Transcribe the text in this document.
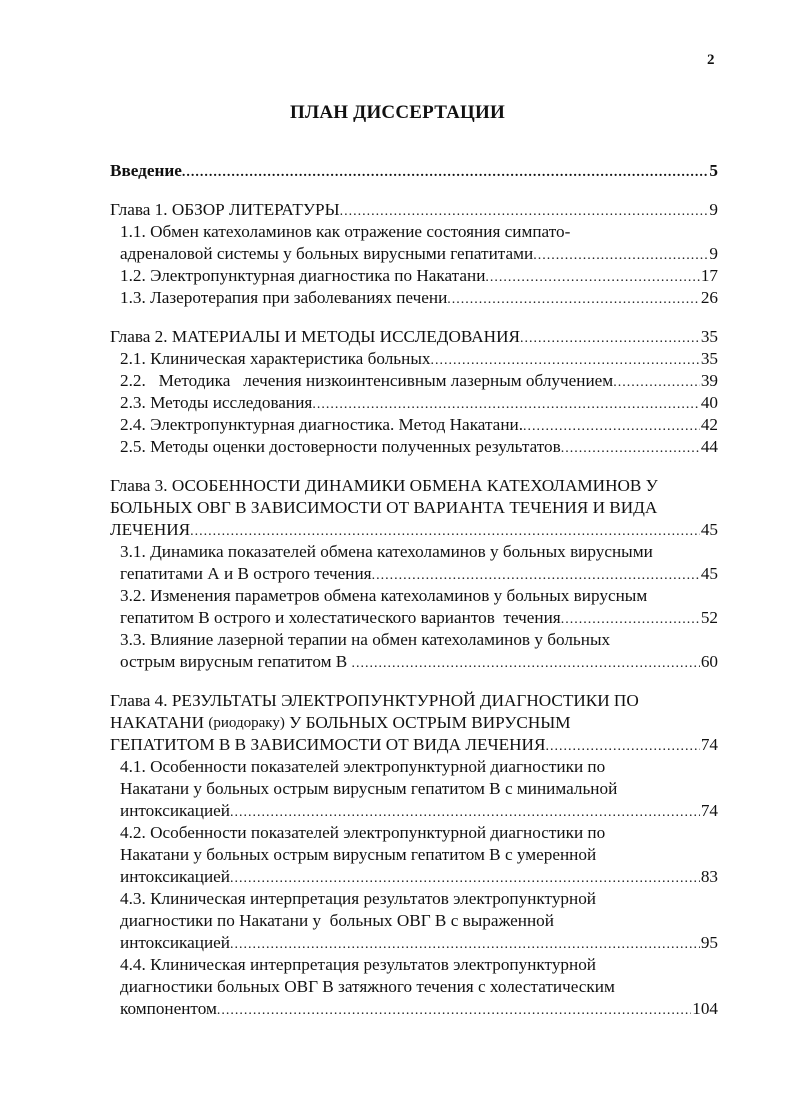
2
ПЛАН ДИССЕРТАЦИИ
Введение .....	5
Глава 1. ОБЗОР ЛИТЕРАТУРЫ .....	9
1.1. Обмен катехоламинов как отражение состояния симпато-
адреналовой системы у больных вирусными гепатитами .....	9
1.2. Электропунктурная диагностика по Накатани .....	17
1.3. Лазеротерапия при заболеваниях печени .....	26
Глава 2. МАТЕРИАЛЫ И МЕТОДЫ ИССЛЕДОВАНИЯ .....	35
2.1. Клиническая характеристика больных .....	35
2.2.   Методика   лечения низкоинтенсивным лазерным облучением .....	39
2.3. Методы исследования .....	40
2.4. Электропунктурная диагностика. Метод Накатани. .....	42
2.5. Методы оценки достоверности полученных результатов .....	44
Глава 3. ОСОБЕННОСТИ ДИНАМИКИ ОБМЕНА КАТЕХОЛАМИНОВ У
БОЛЬНЫХ ОВГ В ЗАВИСИМОСТИ ОТ ВАРИАНТА ТЕЧЕНИЯ И ВИДА
ЛЕЧЕНИЯ .....	45
3.1. Динамика показателей обмена катехоламинов у больных вирусными
гепатитами А и В острого течения .....	45
3.2. Изменения параметров обмена катехоламинов у больных вирусным
гепатитом В острого и холестатического вариантов  течения .....	52
3.3. Влияние лазерной терапии на обмен катехоламинов у больных
острым вирусным гепатитом В .....	60
Глава 4. РЕЗУЛЬТАТЫ ЭЛЕКТРОПУНКТУРНОЙ ДИАГНОСТИКИ ПО
НАКАТАНИ (риодораку) У БОЛЬНЫХ ОСТРЫМ ВИРУСНЫМ
ГЕПАТИТОМ В В ЗАВИСИМОСТИ ОТ ВИДА ЛЕЧЕНИЯ .....	74
4.1. Особенности показателей электропунктурной диагностики по
Накатани у больных острым вирусным гепатитом В с минимальной
интоксикацией .....	74
4.2. Особенности показателей электропунктурной диагностики по
Накатани у больных острым вирусным гепатитом В с умеренной
интоксикацией .....	83
4.3. Клиническая интерпретация результатов электропунктурной
диагностики по Накатани у  больных ОВГ В с выраженной
интоксикацией .....	95
4.4. Клиническая интерпретация результатов электропунктурной
диагностики больных ОВГ В затяжного течения с холестатическим
компонентом .....	104
